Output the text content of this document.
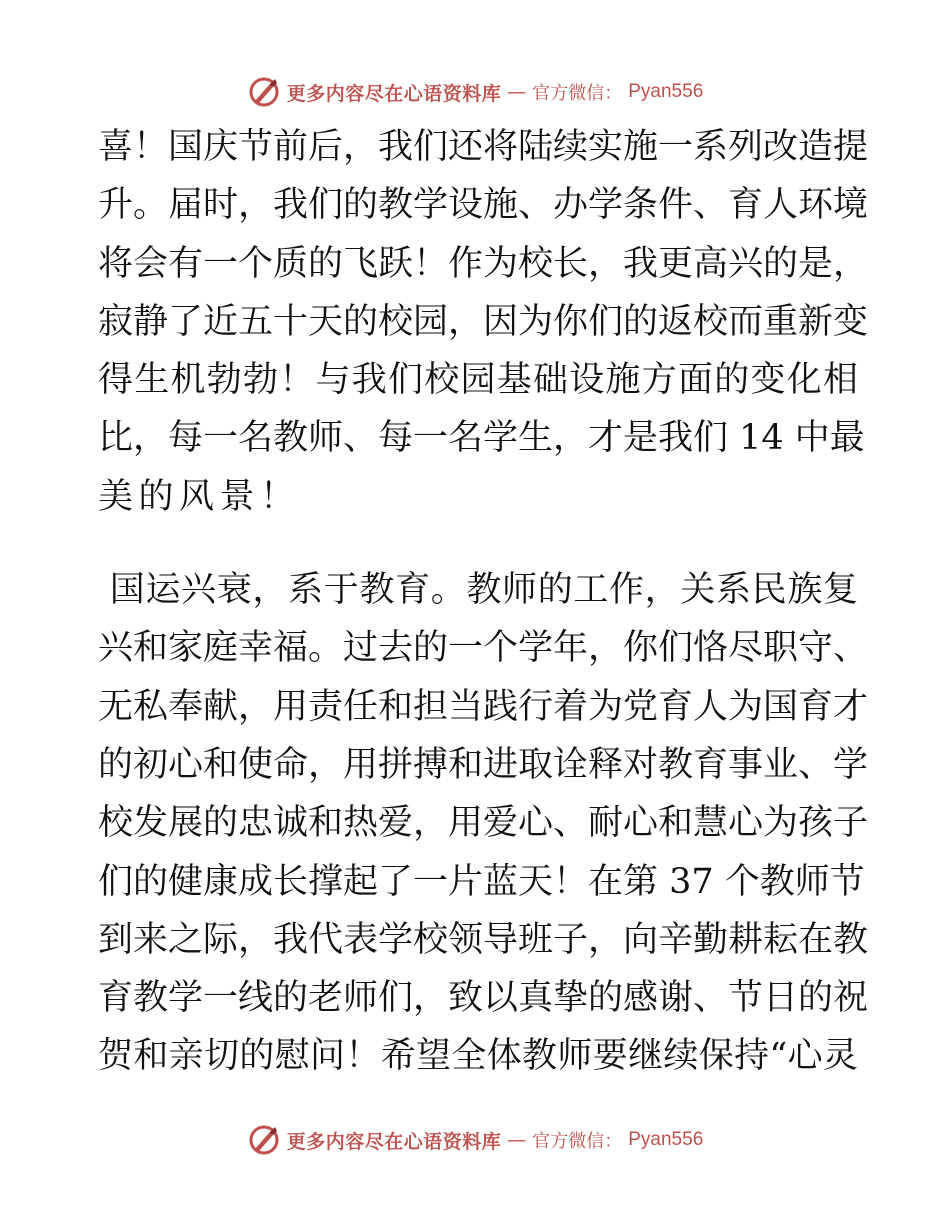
更多内容尽在心语资料库 — 官方微信： Pyan556
喜！国庆节前后，我们还将陆续实施一系列改造提
升。届时，我们的教学设施、办学条件、育人环境
将会有一个质的飞跃！作为校长，我更高兴的是，
寂静了近五十天的校园，因为你们的返校而重新变
得生机勃勃！与我们校园基础设施方面的变化相
比，每一名教师、每一名学生，才是我们 14 中最
美的风景！
国运兴衰，系于教育。教师的工作，关系民族复
兴和家庭幸福。过去的一个学年，你们恪尽职守、
无私奉献，用责任和担当践行着为党育人为国育才
的初心和使命，用拼搏和进取诠释对教育事业、学
校发展的忠诚和热爱，用爱心、耐心和慧心为孩子
们的健康成长撑起了一片蓝天！在第 37 个教师节
到来之际，我代表学校领导班子，向辛勤耕耘在教
育教学一线的老师们，致以真挚的感谢、节日的祝
贺和亲切的慰问！希望全体教师要继续保持“心灵
更多内容尽在心语资料库 — 官方微信： Pyan556
